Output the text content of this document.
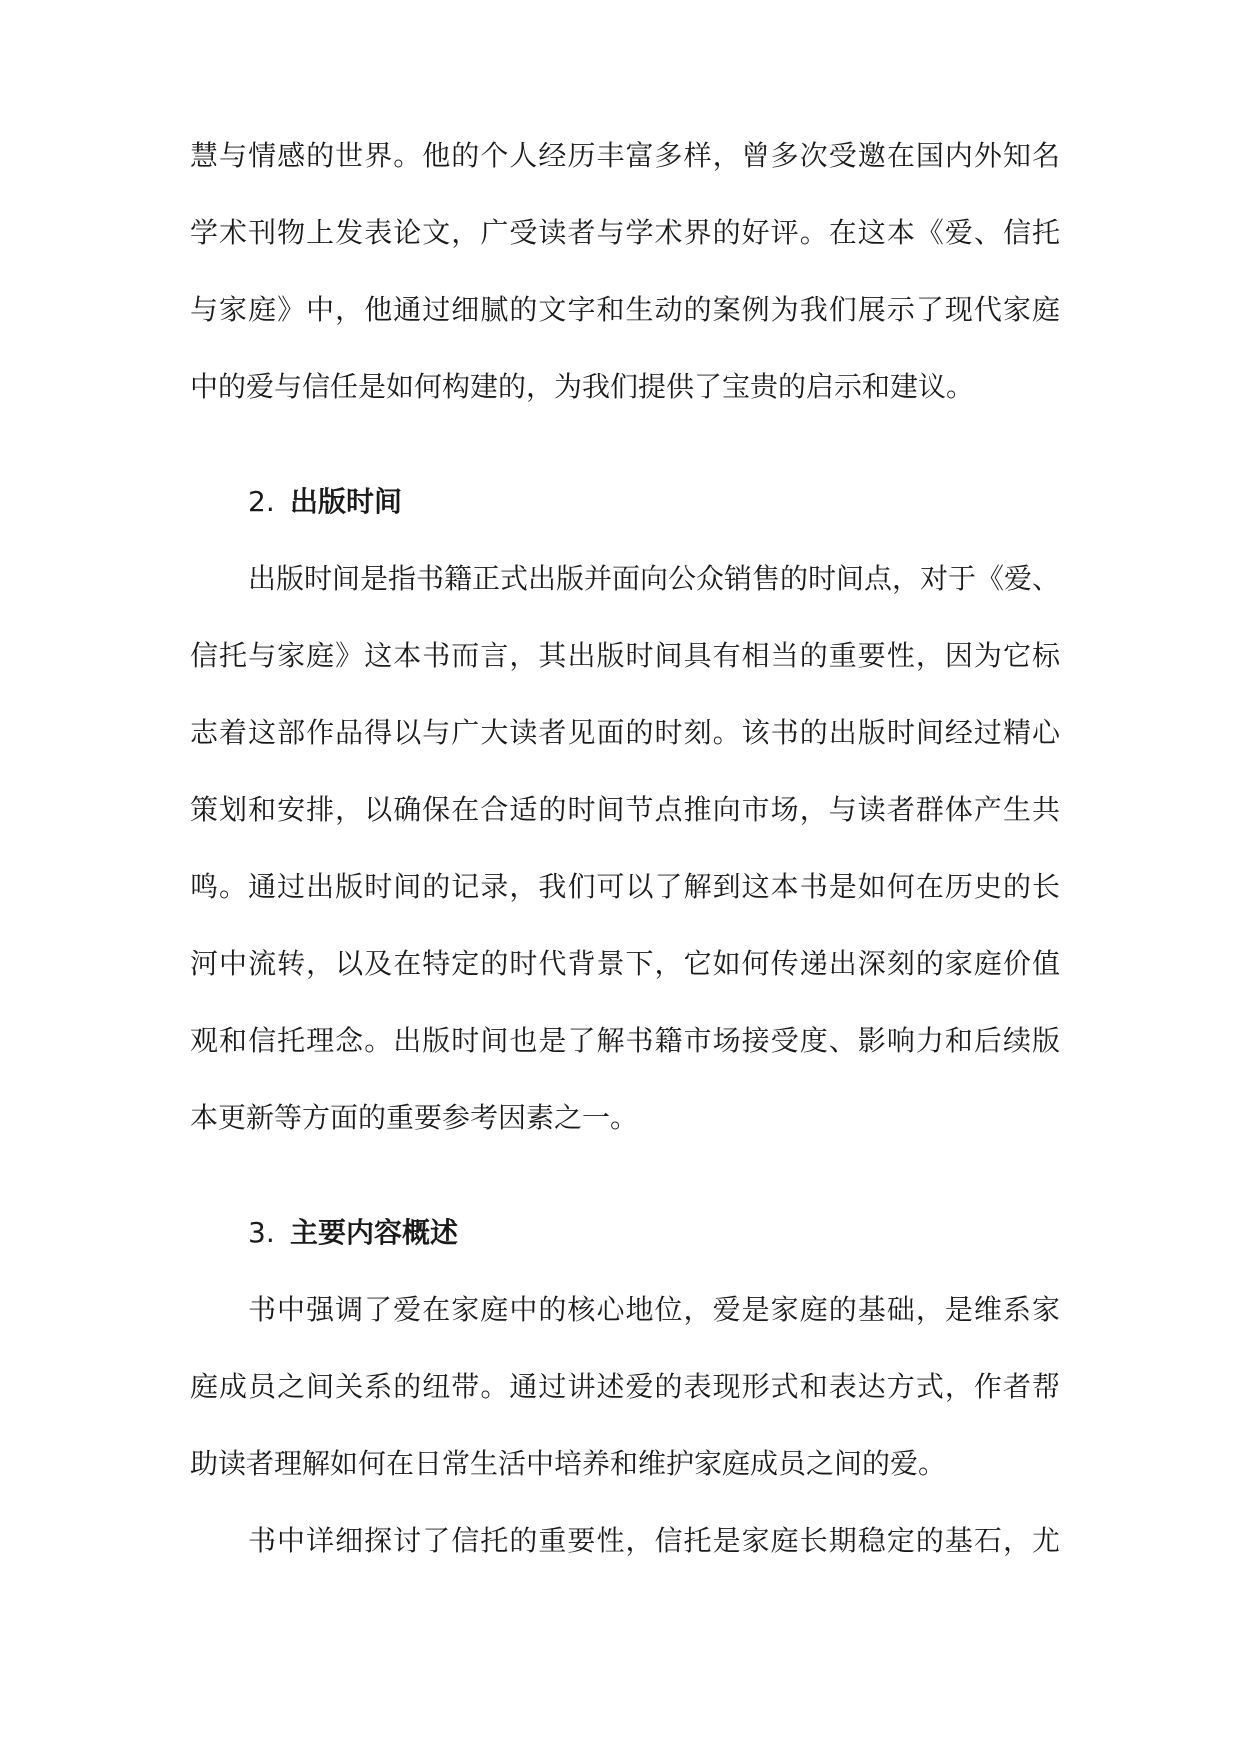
慧与情感的世界。他的个人经历丰富多样，曾多次受邀在国内外知名
学术刊物上发表论文，广受读者与学术界的好评。在这本《爱、信托
与家庭》中，他通过细腻的文字和生动的案例为我们展示了现代家庭
中的爱与信任是如何构建的，为我们提供了宝贵的启示和建议。
2. 出版时间
出版时间是指书籍正式出版并面向公众销售的时间点，对于《爱、
信托与家庭》这本书而言，其出版时间具有相当的重要性，因为它标
志着这部作品得以与广大读者见面的时刻。该书的出版时间经过精心
策划和安排，以确保在合适的时间节点推向市场，与读者群体产生共
鸣。通过出版时间的记录，我们可以了解到这本书是如何在历史的长
河中流转，以及在特定的时代背景下，它如何传递出深刻的家庭价值
观和信托理念。出版时间也是了解书籍市场接受度、影响力和后续版
本更新等方面的重要参考因素之一。
3. 主要内容概述
书中强调了爱在家庭中的核心地位，爱是家庭的基础，是维系家
庭成员之间关系的纽带。通过讲述爱的表现形式和表达方式，作者帮
助读者理解如何在日常生活中培养和维护家庭成员之间的爱。
书中详细探讨了信托的重要性，信托是家庭长期稳定的基石，尤
